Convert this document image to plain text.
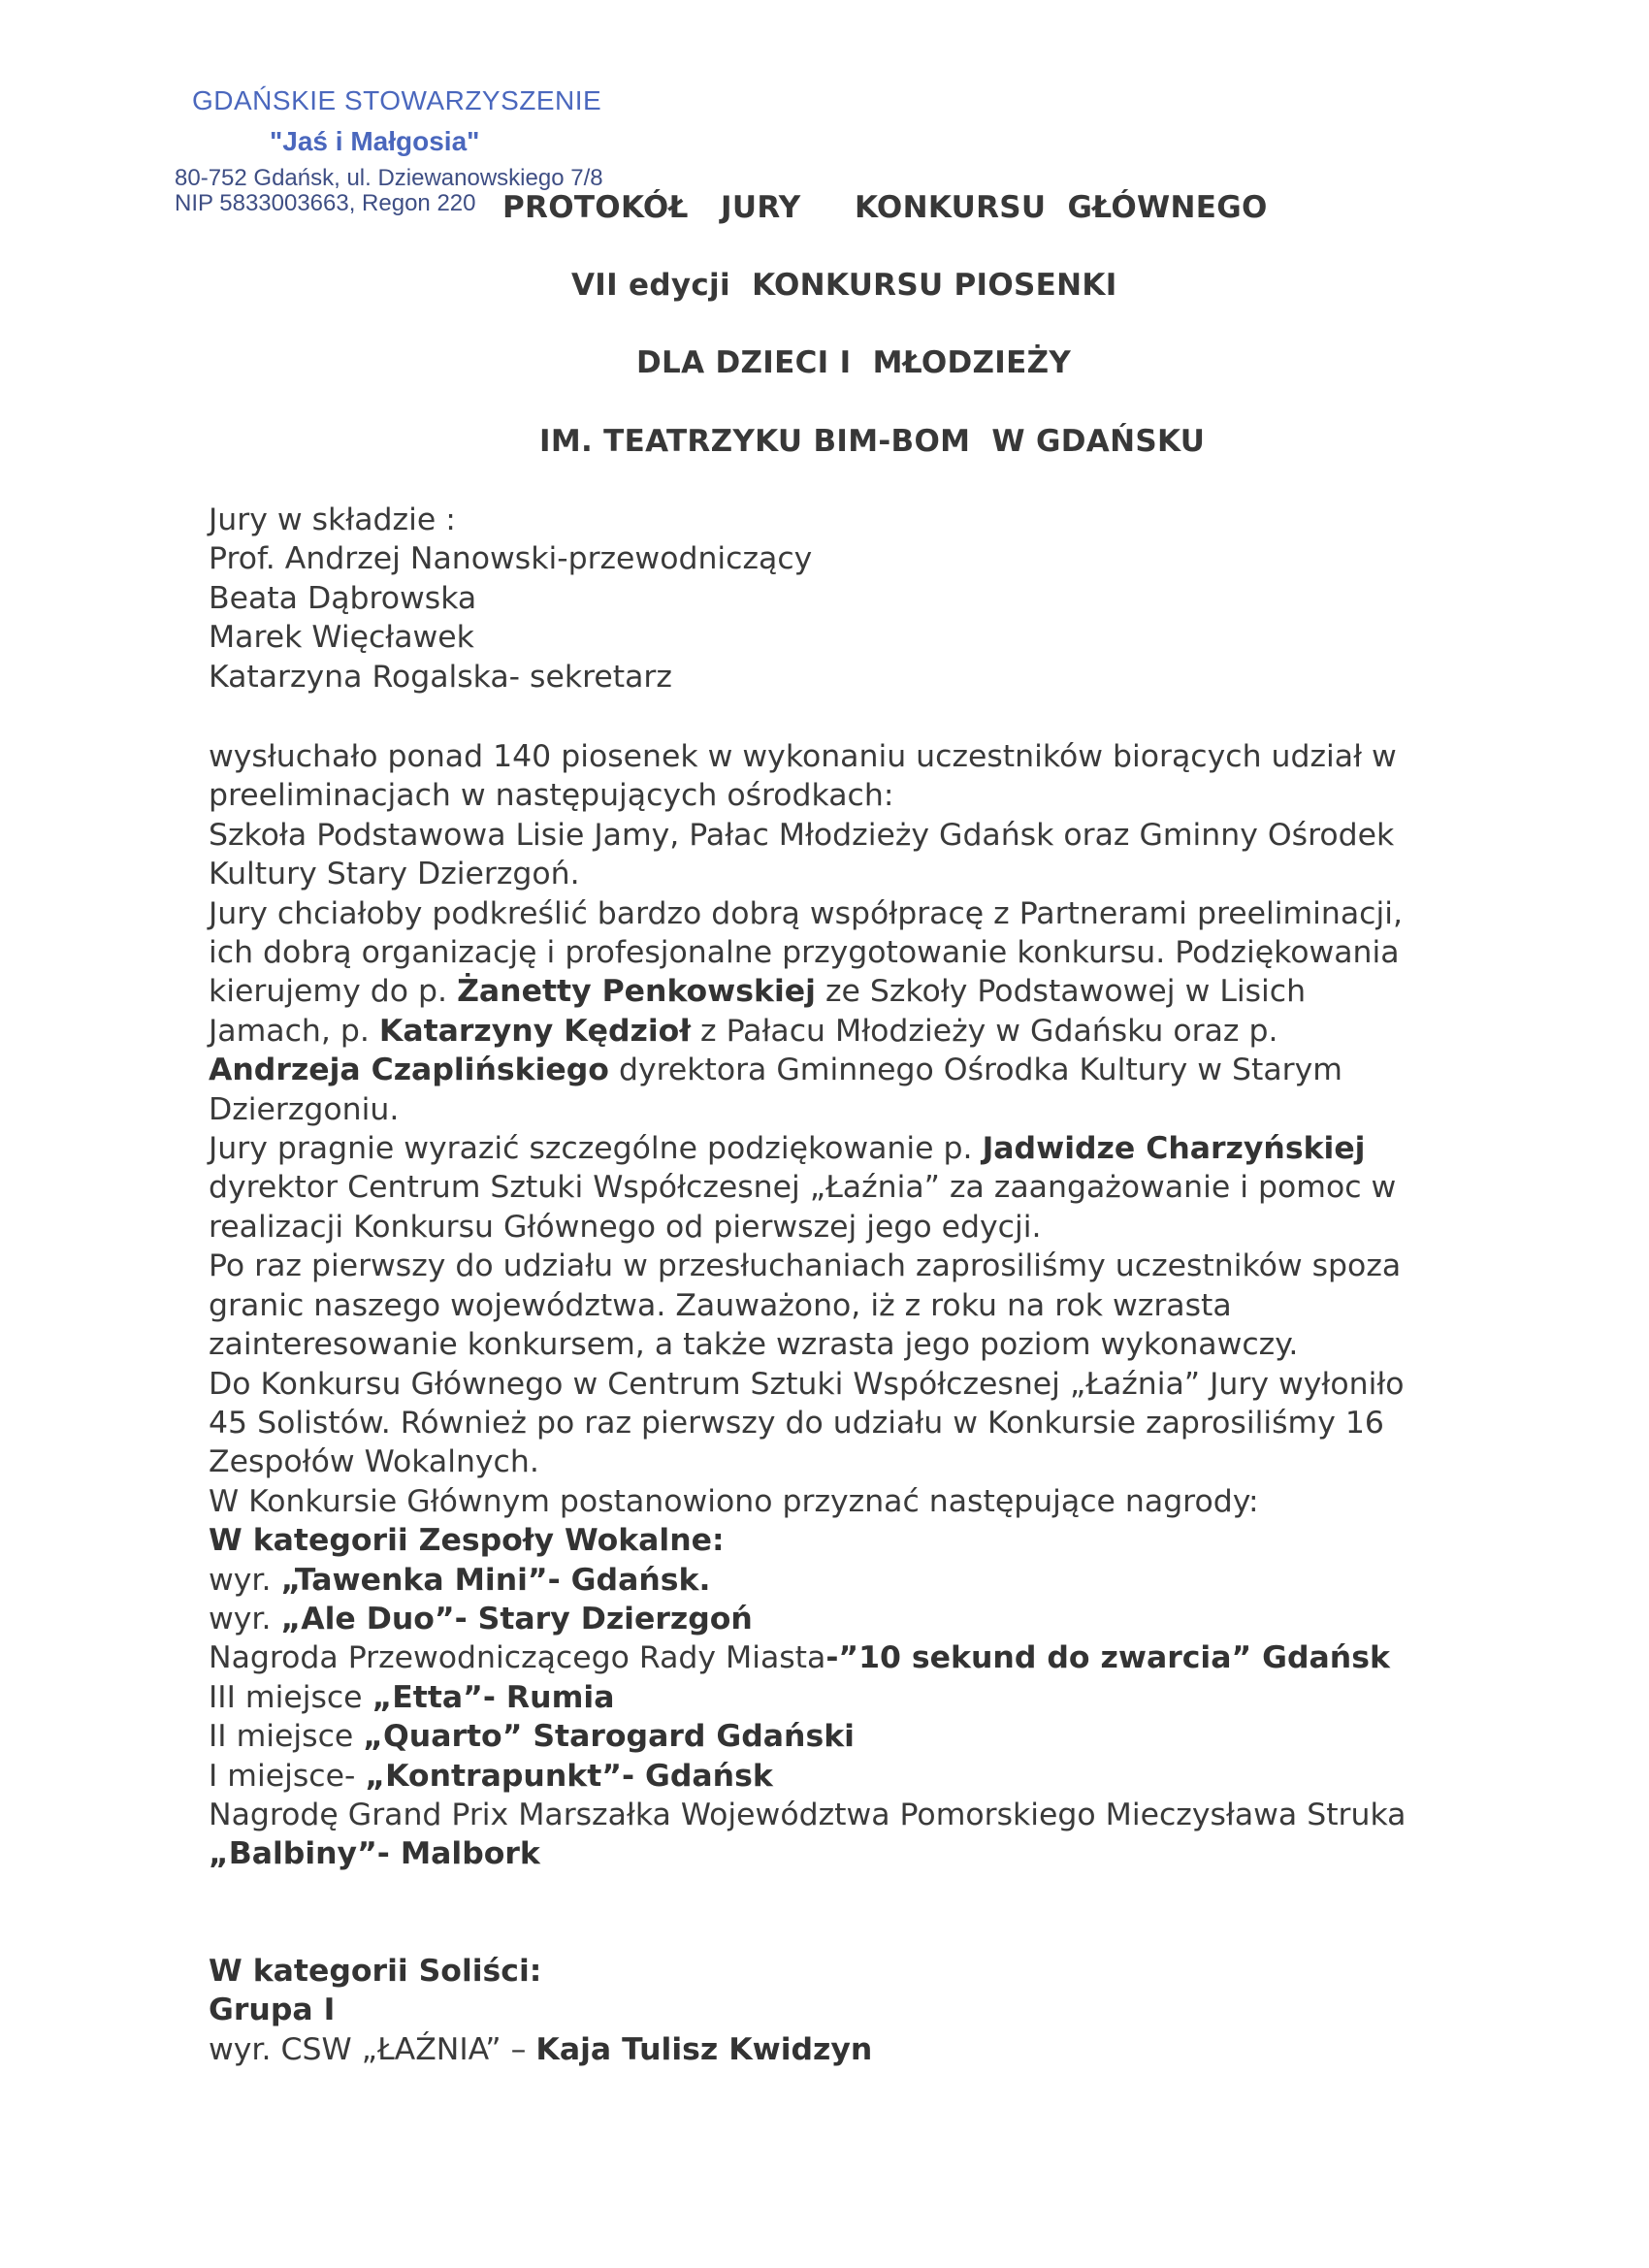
GDAŃSKIE STOWARZYSZENIE
"Jaś i Małgosia"
80-752 Gdańsk, ul. Dziewanowskiego 7/8
NIP 5833003663, Regon 220 PROTOKÓŁ   JURY     KONKURSU  GŁÓWNEGO
VII edycji  KONKURSU PIOSENKI
DLA DZIECI I  MŁODZIEŻY
IM. TEATRZYKU BIM-BOM  W GDAŃSKU
Jury w składzie :
Prof. Andrzej Nanowski-przewodniczący
Beata Dąbrowska
Marek Więcławek
Katarzyna Rogalska- sekretarz
wysłuchało ponad 140 piosenek w wykonaniu uczestników biorących udział w
preeliminacjach w następujących ośrodkach:
Szkoła Podstawowa Lisie Jamy, Pałac Młodzieży Gdańsk oraz Gminny Ośrodek
Kultury Stary Dzierzgoń.
Jury chciałoby podkreślić bardzo dobrą współpracę z Partnerami preeliminacji,
ich dobrą organizację i profesjonalne przygotowanie konkursu. Podziękowania
kierujemy do p. Żanetty Penkowskiej ze Szkoły Podstawowej w Lisich
Jamach, p. Katarzyny Kędzioł z Pałacu Młodzieży w Gdańsku oraz p.
Andrzeja Czaplińskiego dyrektora Gminnego Ośrodka Kultury w Starym
Dzierzgoniu.
Jury pragnie wyrazić szczególne podziękowanie p. Jadwidze Charzyńskiej
dyrektor Centrum Sztuki Współczesnej „Łaźnia” za zaangażowanie i pomoc w
realizacji Konkursu Głównego od pierwszej jego edycji.
Po raz pierwszy do udziału w przesłuchaniach zaprosiliśmy uczestników spoza
granic naszego województwa. Zauważono, iż z roku na rok wzrasta
zainteresowanie konkursem, a także wzrasta jego poziom wykonawczy.
Do Konkursu Głównego w Centrum Sztuki Współczesnej „Łaźnia” Jury wyłoniło
45 Solistów. Również po raz pierwszy do udziału w Konkursie zaprosiliśmy 16
Zespołów Wokalnych.
W Konkursie Głównym postanowiono przyznać następujące nagrody:
W kategorii Zespoły Wokalne:
wyr. „Tawenka Mini”- Gdańsk.
wyr. „Ale Duo”- Stary Dzierzgoń
Nagroda Przewodniczącego Rady Miasta-”10 sekund do zwarcia” Gdańsk
III miejsce „Etta”- Rumia
II miejsce „Quarto” Starogard Gdański
I miejsce- „Kontrapunkt”- Gdańsk
Nagrodę Grand Prix Marszałka Województwa Pomorskiego Mieczysława Struka
„Balbiny”- Malbork
W kategorii Soliści:
Grupa I
wyr. CSW „ŁAŹNIA” – Kaja Tulisz Kwidzyn
